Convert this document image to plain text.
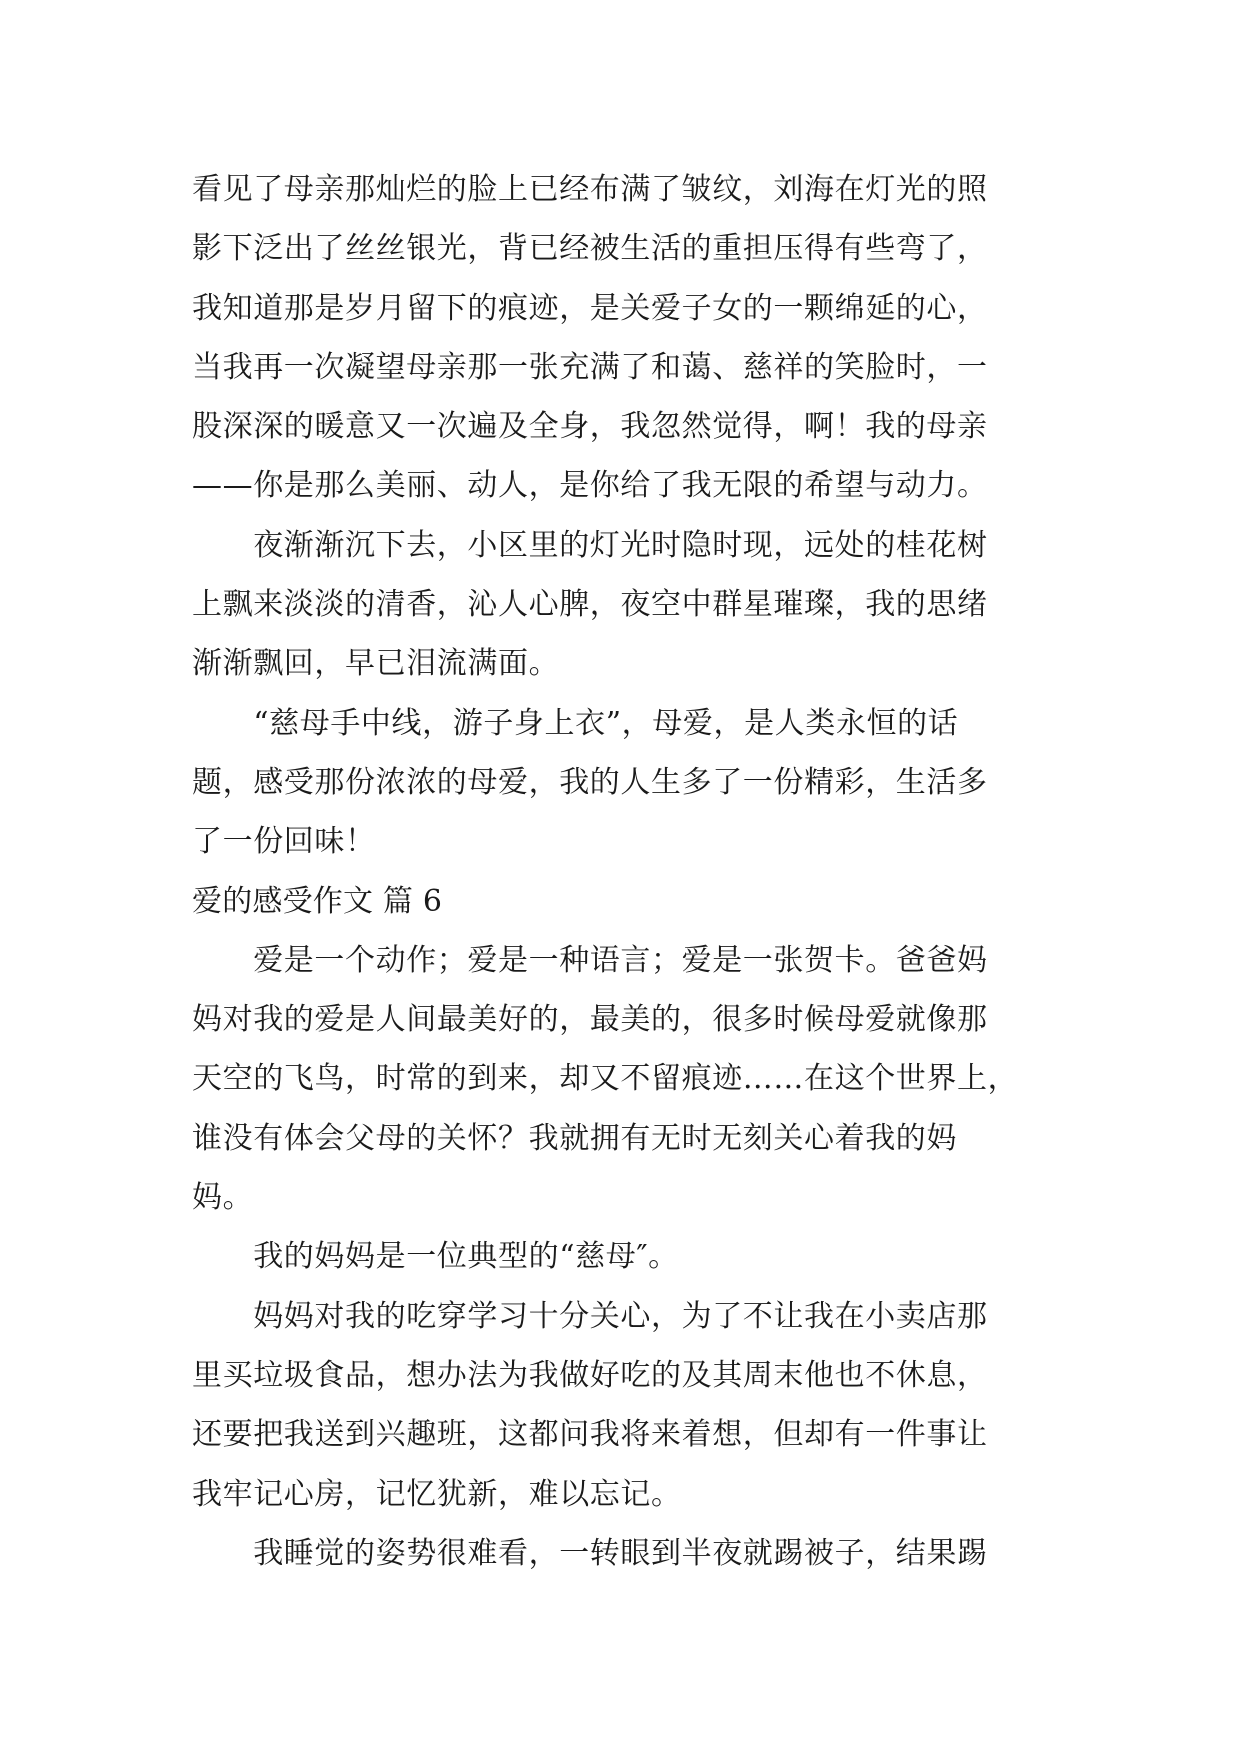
看见了母亲那灿烂的脸上已经布满了皱纹，刘海在灯光的照
影下泛出了丝丝银光，背已经被生活的重担压得有些弯了，
我知道那是岁月留下的痕迹，是关爱子女的一颗绵延的心，
当我再一次凝望母亲那一张充满了和蔼、慈祥的笑脸时，一
股深深的暖意又一次遍及全身，我忽然觉得，啊！我的母亲
——你是那么美丽、动人，是你给了我无限的希望与动力。
　　夜渐渐沉下去，小区里的灯光时隐时现，远处的桂花树
上飘来淡淡的清香，沁人心脾，夜空中群星璀璨，我的思绪
渐渐飘回，早已泪流满面。
　　“慈母手中线，游子身上衣”，母爱，是人类永恒的话
题，感受那份浓浓的母爱，我的人生多了一份精彩，生活多
了一份回味！
爱的感受作文 篇 6
　　爱是一个动作；爱是一种语言；爱是一张贺卡。爸爸妈
妈对我的爱是人间最美好的，最美的，很多时候母爱就像那
天空的飞鸟，时常的到来，却又不留痕迹……在这个世界上，
谁没有体会父母的关怀？我就拥有无时无刻关心着我的妈
妈。
　　我的妈妈是一位典型的“慈母″。
　　妈妈对我的吃穿学习十分关心，为了不让我在小卖店那
里买垃圾食品，想办法为我做好吃的及其周末他也不休息，
还要把我送到兴趣班，这都问我将来着想，但却有一件事让
我牢记心房，记忆犹新，难以忘记。
　　我睡觉的姿势很难看，一转眼到半夜就踢被子，结果踢
